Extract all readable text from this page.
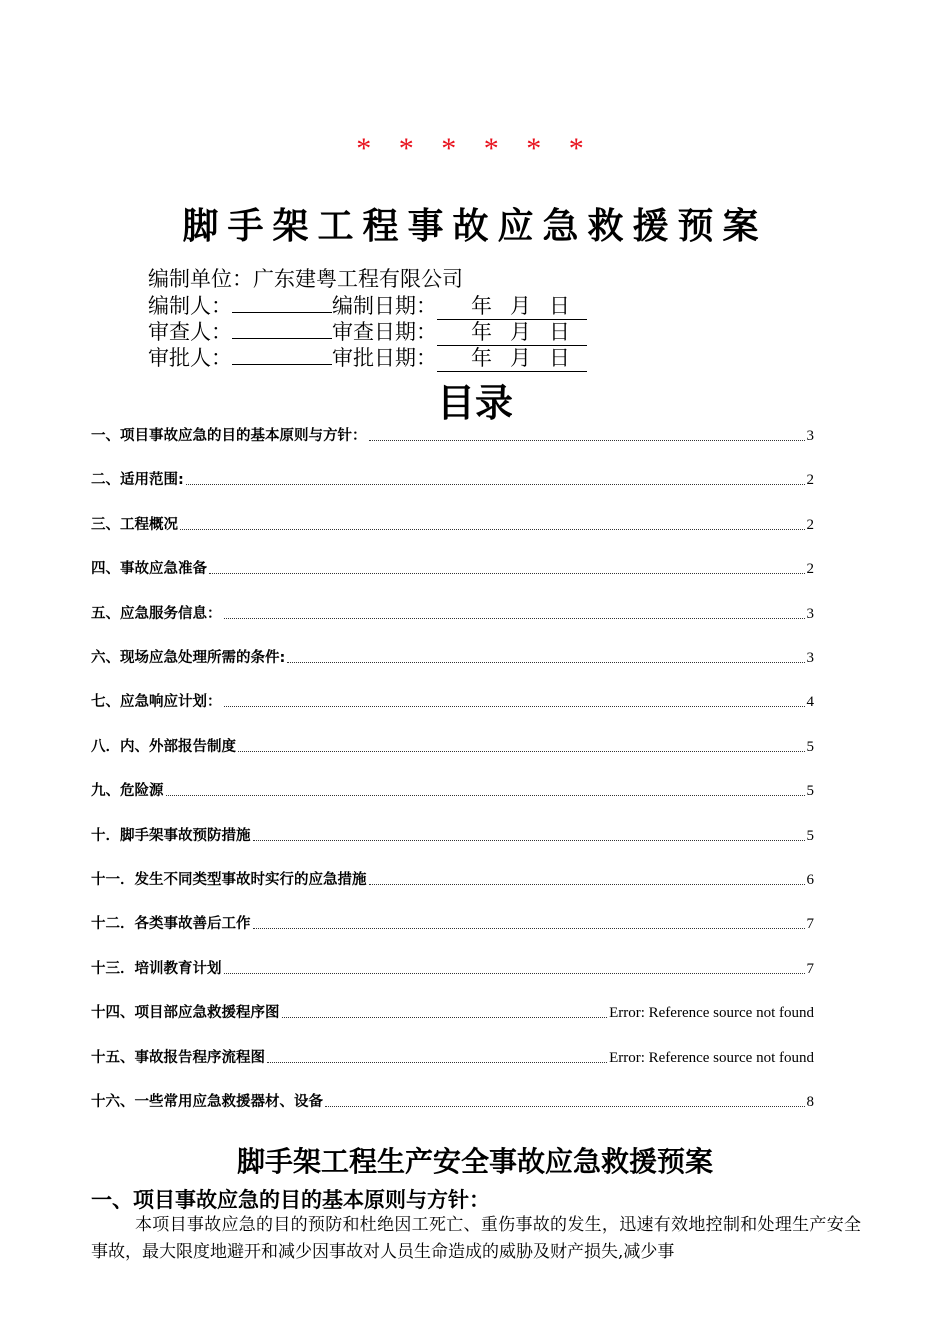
* * * * * *
脚手架工程事故应急救援预案
编制单位：广东建粤工程有限公司
编制人：	编制日期： 年 月 日
审查人：	审查日期： 年 月 日
审批人：	审批日期： 年 月 日
目录
一、项目事故应急的目的基本原则与方针：	3
二、适用范围:	2
三、工程概况	2
四、事故应急准备	2
五、应急服务信息：	3
六、现场应急处理所需的条件:	3
七、应急响应计划：	4
八．内、外部报告制度	5
九、危险源	5
十．脚手架事故预防措施	5
十一．发生不同类型事故时实行的应急措施	6
十二．各类事故善后工作	7
十三．培训教育计划	7
十四、项目部应急救援程序图	Error: Reference source not found
十五、事故报告程序流程图	Error: Reference source not found
十六、一些常用应急救援器材、设备	8
脚手架工程生产安全事故应急救援预案
一、项目事故应急的目的基本原则与方针：
本项目事故应急的目的预防和杜绝因工死亡、重伤事故的发生，迅速有效地控制和处理生产安全事故，最大限度地避开和减少因事故对人员生命造成的威胁及财产损失,减少事
